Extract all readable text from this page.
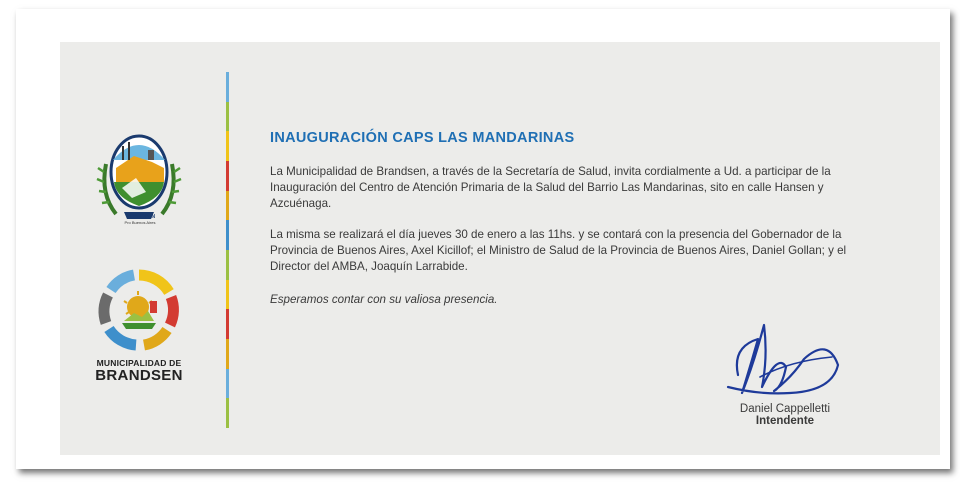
BRANDSEN
Pro Buenos Aires
MUNICIPALIDAD DE
BRANDSEN
INAUGURACIÓN CAPS LAS MANDARINAS

La Municipalidad de Brandsen, a través de la Secretaría de Salud, invita cordialmente a Ud. a participar de la Inauguración del Centro de Atención Primaria de la Salud del Barrio Las Mandarinas, sito en calle Hansen y Azcuénaga.

La misma se realizará el día jueves 30 de enero a las 11hs. y se contará con la presencia del Gobernador de la Provincia de Buenos Aires, Axel Kicillof; el Ministro de Salud de la Provincia de Buenos Aires, Daniel Gollan; y el Director del AMBA, Joaquín Larrabide.

Esperamos contar con su valiosa presencia.

Daniel Cappelletti
Intendente
